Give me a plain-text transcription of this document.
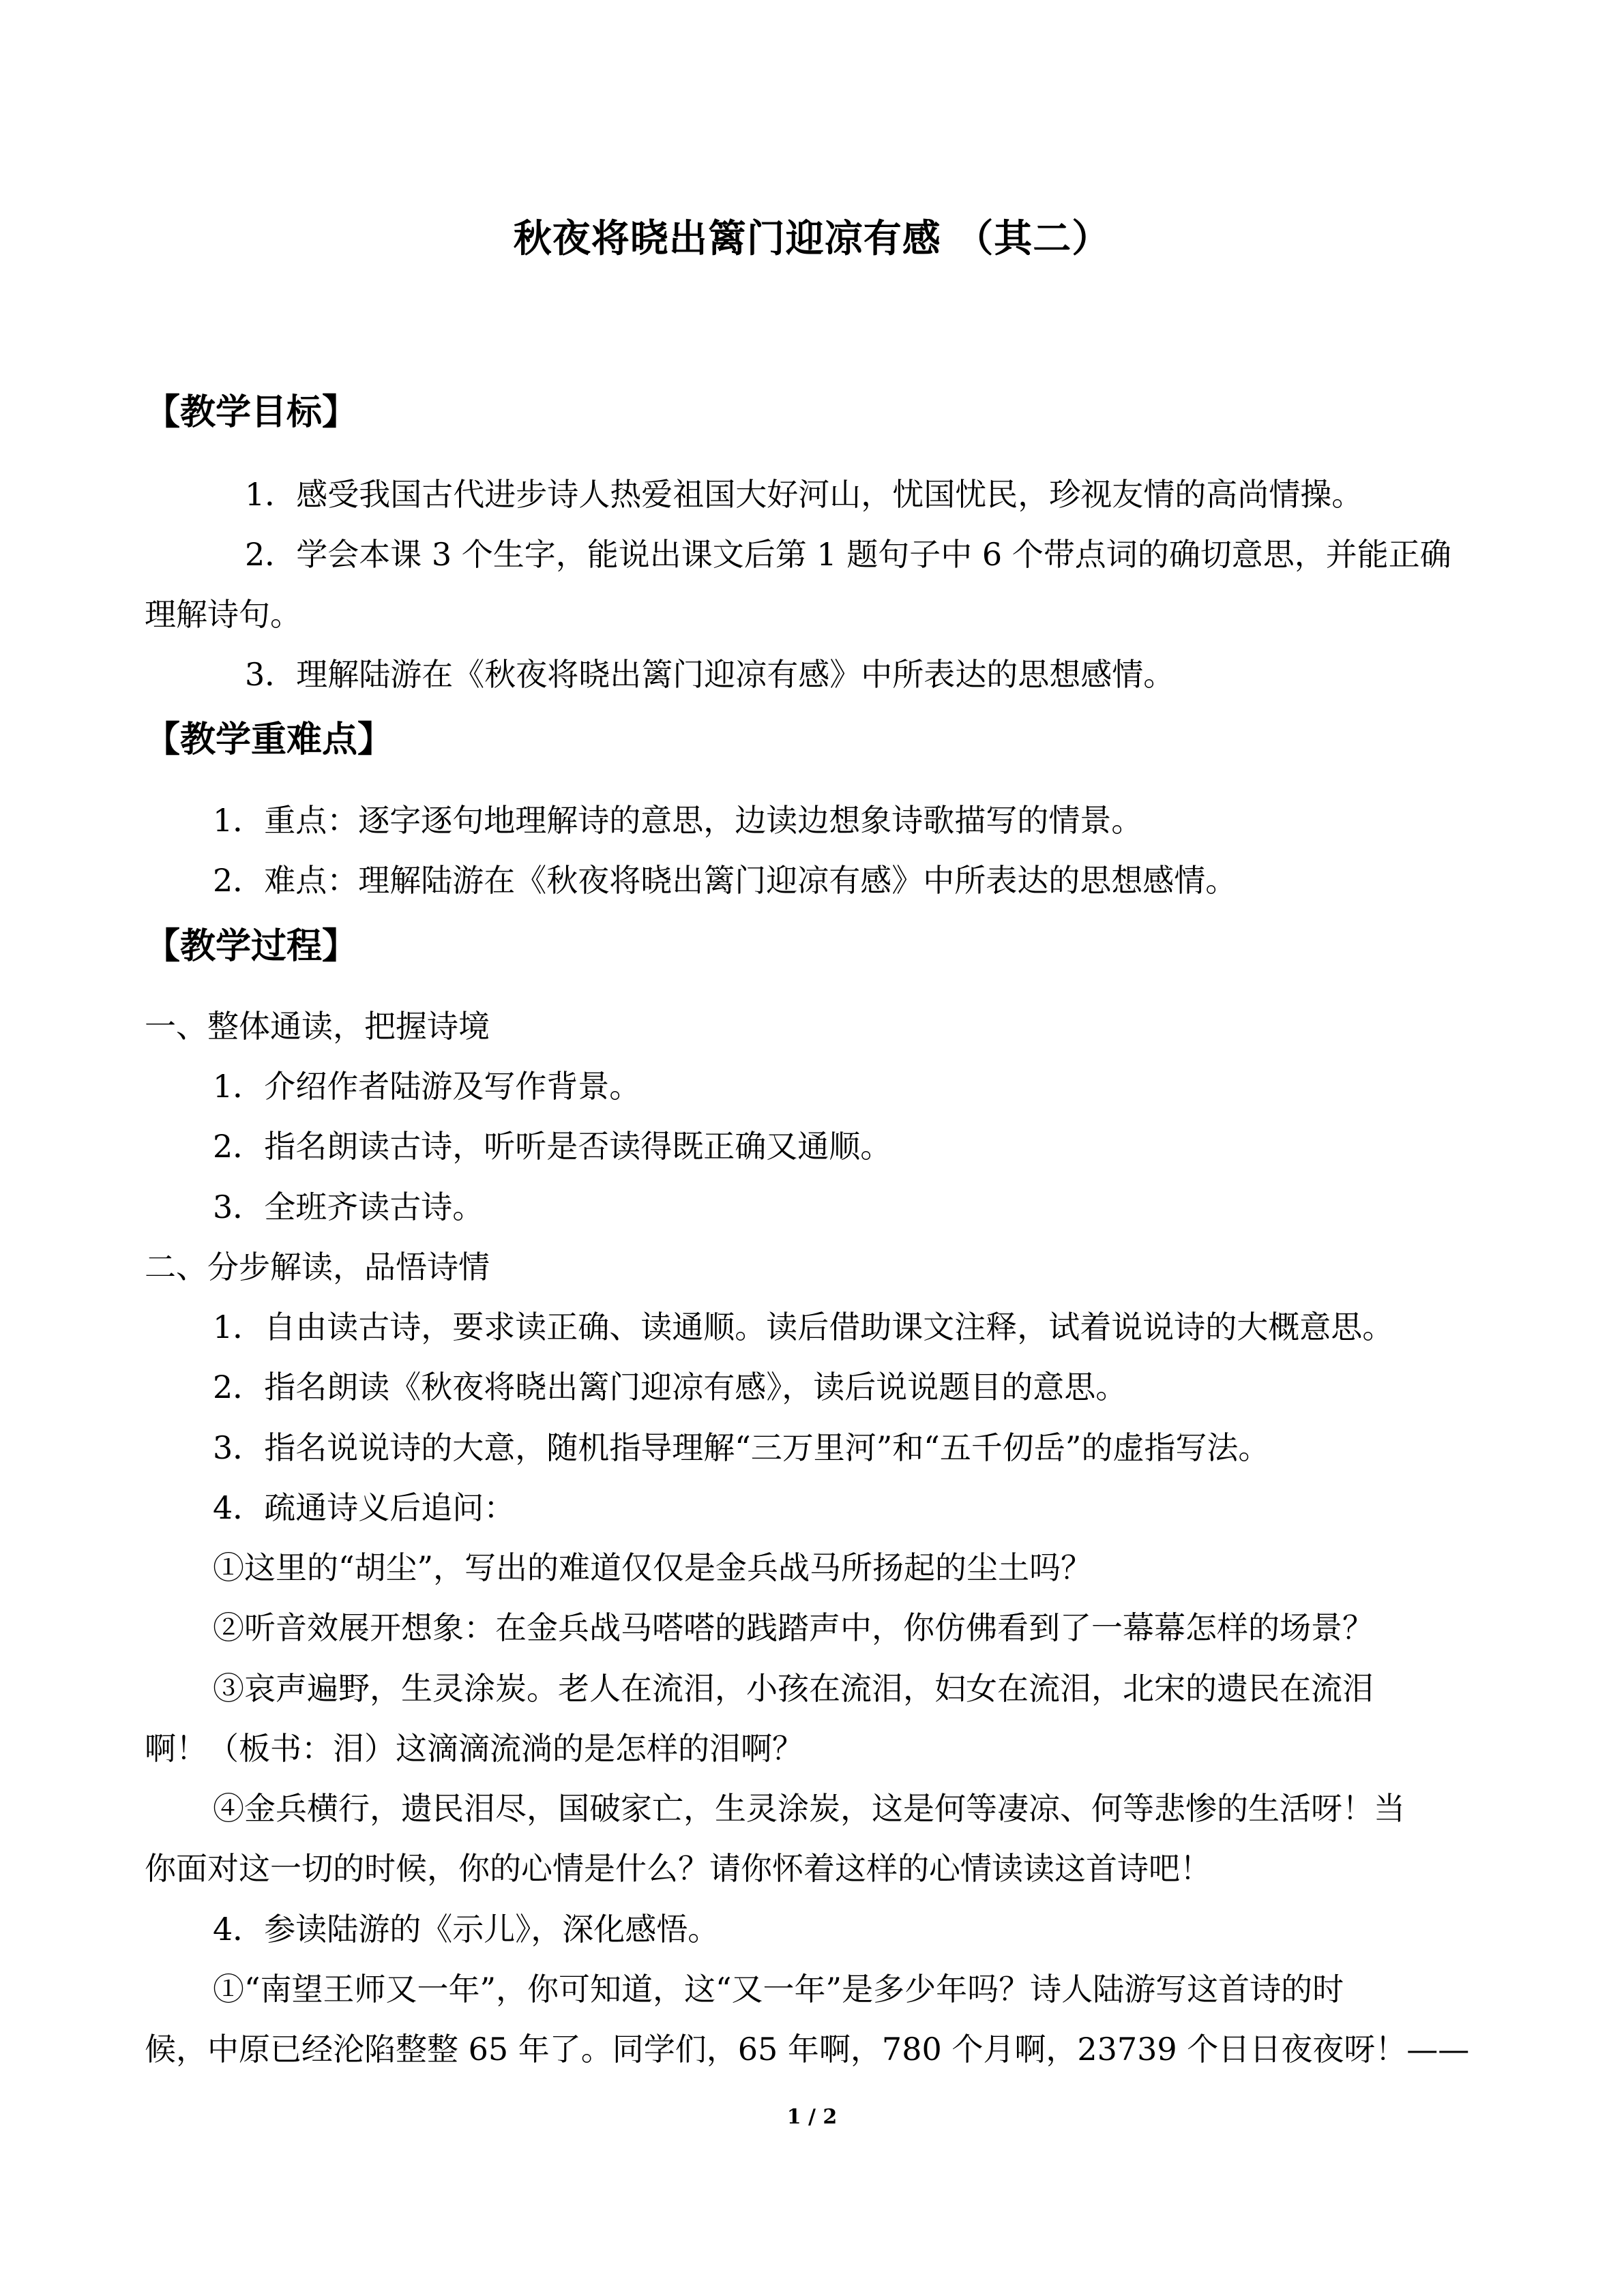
秋夜将晓出篱门迎凉有感 （其二）
【教学目标】
1．感受我国古代进步诗人热爱祖国大好河山，忧国忧民，珍视友情的高尚情操。
2．学会本课 3 个生字，能说出课文后第 1 题句子中 6 个带点词的确切意思，并能正确
理解诗句。
3．理解陆游在《秋夜将晓出篱门迎凉有感》中所表达的思想感情。
【教学重难点】
1．重点：逐字逐句地理解诗的意思，边读边想象诗歌描写的情景。
2．难点：理解陆游在《秋夜将晓出篱门迎凉有感》中所表达的思想感情。
【教学过程】
一、整体通读，把握诗境
1．介绍作者陆游及写作背景。
2．指名朗读古诗，听听是否读得既正确又通顺。
3．全班齐读古诗。
二、分步解读，品悟诗情
1．自由读古诗，要求读正确、读通顺。读后借助课文注释，试着说说诗的大概意思。
2．指名朗读《秋夜将晓出篱门迎凉有感》，读后说说题目的意思。
3．指名说说诗的大意，随机指导理解“三万里河”和“五千仞岳”的虚指写法。
4．疏通诗义后追问：
①这里的“胡尘”，写出的难道仅仅是金兵战马所扬起的尘土吗？
②听音效展开想象：在金兵战马嗒嗒的践踏声中，你仿佛看到了一幕幕怎样的场景？
③哀声遍野，生灵涂炭。老人在流泪，小孩在流泪，妇女在流泪，北宋的遗民在流泪
啊！（板书：泪）这滴滴流淌的是怎样的泪啊？
④金兵横行，遗民泪尽，国破家亡，生灵涂炭，这是何等凄凉、何等悲惨的生活呀！当
你面对这一切的时候，你的心情是什么？请你怀着这样的心情读读这首诗吧！
4．参读陆游的《示儿》，深化感悟。
①“南望王师又一年”，你可知道，这“又一年”是多少年吗？诗人陆游写这首诗的时
候，中原已经沦陷整整 65 年了。同学们，65 年啊，780 个月啊，23739 个日日夜夜呀！——
1 / 2
